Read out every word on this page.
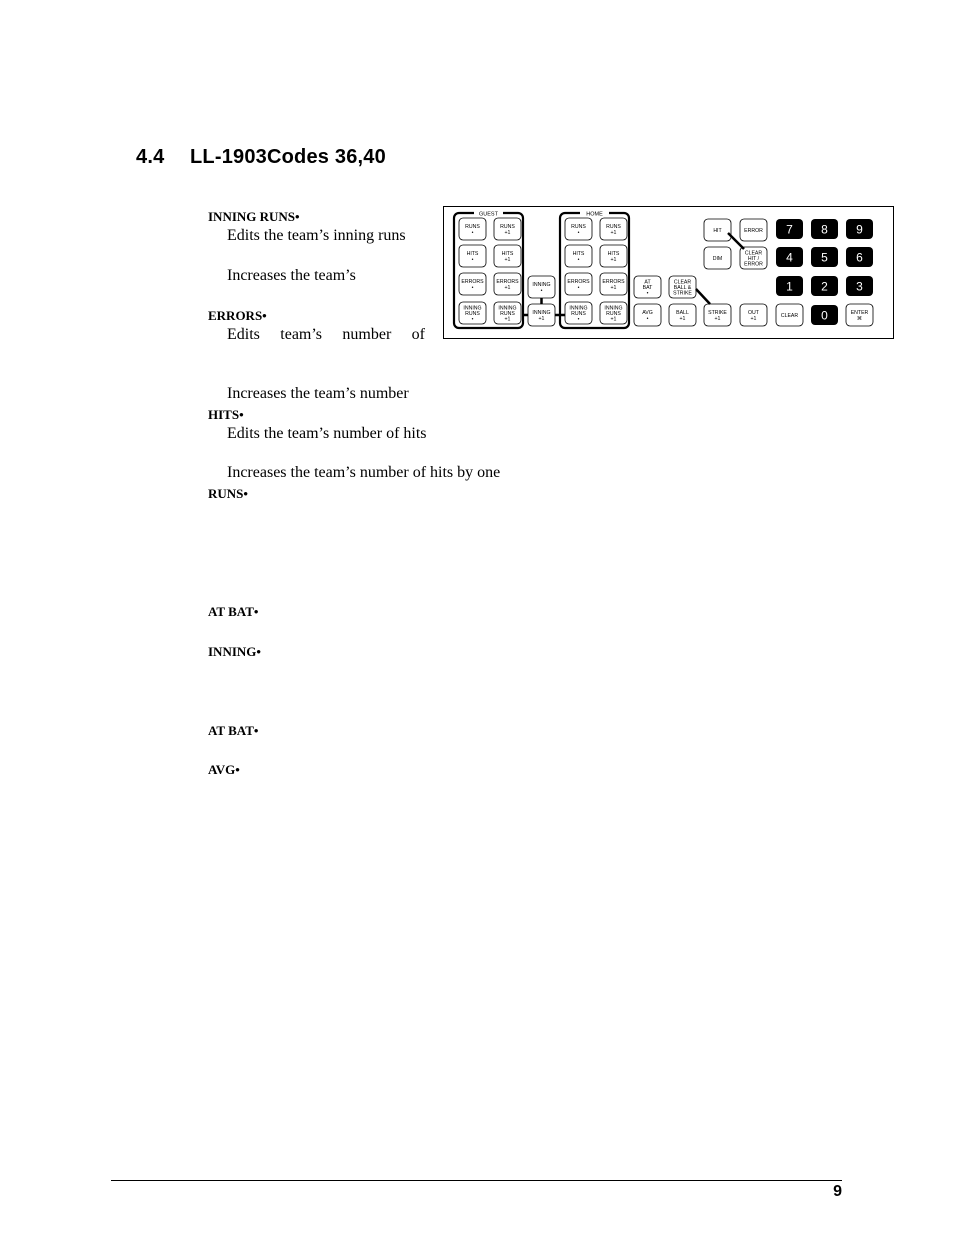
4.4 LL-1903Codes 36,40
INNING RUNS•
Edits the team’s inning runs
Increases the team’s
ERRORS•
Edits team’s number of
Increases the team’s number
HITS•
Edits the team’s number of hits
Increases the team’s number of hits by one
RUNS•
AT BAT•
INNING•
AT BAT•
AVG•
GUEST
RUNS
•
RUNS
+1
HITS
•
HITS
+1
ERRORS
•
ERRORS
+1
INNING
RUNS
•
INNING
RUNS
+1
HOME
RUNS
•
RUNS
+1
HITS
•
HITS
+1
ERRORS
•
ERRORS
+1
INNING
RUNS
•
INNING
RUNS
+1
INNING
•
INNING
+1
AT
BAT
•
AVG
•
CLEAR
BALL &
STRIKE
BALL
+1
STRIKE
+1
OUT
+1
HIT	ERROR
DIM
CLEAR
HIT /
ERROR
CLEAR	ENTER
⌘
7 8 9
4 5 6
1 2 3
0
9
